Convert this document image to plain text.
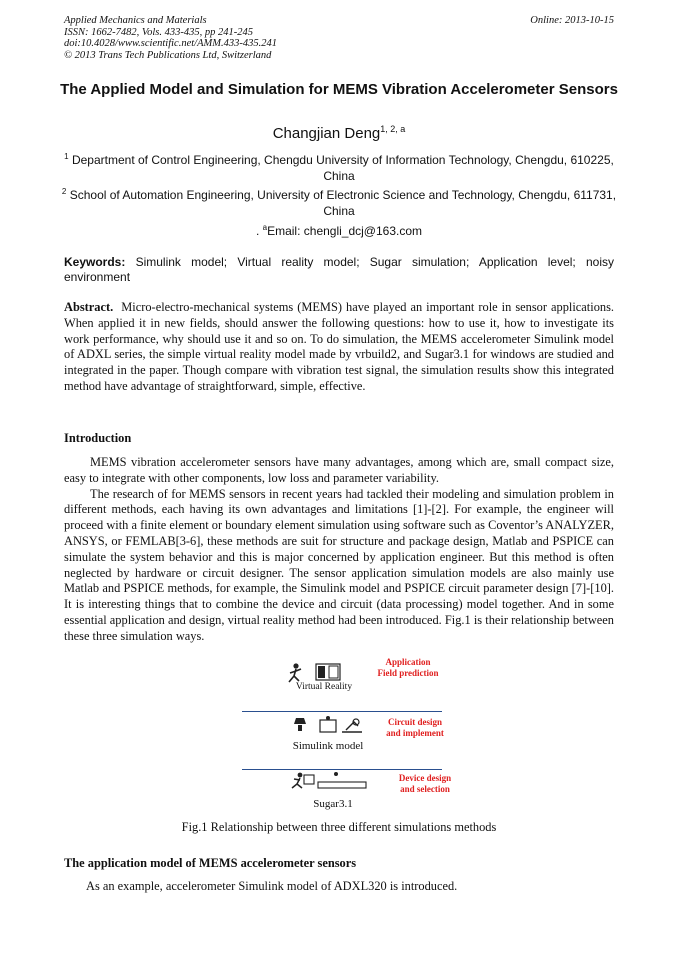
Applied Mechanics and Materials
ISSN: 1662-7482, Vols. 433-435, pp 241-245
doi:10.4028/www.scientific.net/AMM.433-435.241
© 2013 Trans Tech Publications Ltd, Switzerland
Online: 2013-10-15
The Applied Model and Simulation for MEMS Vibration Accelerometer Sensors
Changjian Deng$^{1, 2, a}$
$^1$ Department of Control Engineering, Chengdu University of Information Technology, Chengdu, 610225, China
$^2$ School of Automation Engineering, University of Electronic Science and Technology, Chengdu, 611731, China
. $^a$Email: chengli_dcj@163.com
Keywords: Simulink model; Virtual reality model; Sugar simulation; Application level; noisy environment
Abstract. Micro-electro-mechanical systems (MEMS) have played an important role in sensor applications. When applied it in new fields, should answer the following questions: how to use it, how to investigate its work performance, why should use it and so on. To do simulation, the MEMS accelerometer Simulink model of ADXL series, the simple virtual reality model made by vrbuild2, and Sugar3.1 for windows are studied and integrated in the paper. Though compare with vibration test signal, the simulation results show this integrated method have advantage of straightforward, simple, effective.
Introduction
MEMS vibration accelerometer sensors have many advantages, among which are, small compact size, easy to integrate with other components, low loss and parameter variability.
The research of for MEMS sensors in recent years had tackled their modeling and simulation problem in different methods, each having its own advantages and limitations [1]-[2]. For example, the engineer will proceed with a finite element or boundary element simulation using software such as Coventor’s ANALYZER, ANSYS, or FEMLAB[3-6], these methods are suit for structure and package design, Matlab and PSPICE can simulate the system behavior and this is major concerned by application engineer. But this method is often neglected by hardware or circuit designer. The sensor application simulation models are also mainly use Matlab and PSPICE methods, for example, the Simulink model and PSPICE circuit parameter design [7]-[10]. It is interesting things that to combine the device and circuit (data processing) model together. And in some essential application and design, virtual reality method had been introduced. Fig.1 is their relationship between these three simulation ways.
Virtual Reality
Simulink model
Sugar3.1
Application Field prediction
Circuit design and implement
Device design and selection
Fig.1 Relationship between three different simulations methods
The application model of MEMS accelerometer sensors
As an example, accelerometer Simulink model of ADXL320 is introduced.
